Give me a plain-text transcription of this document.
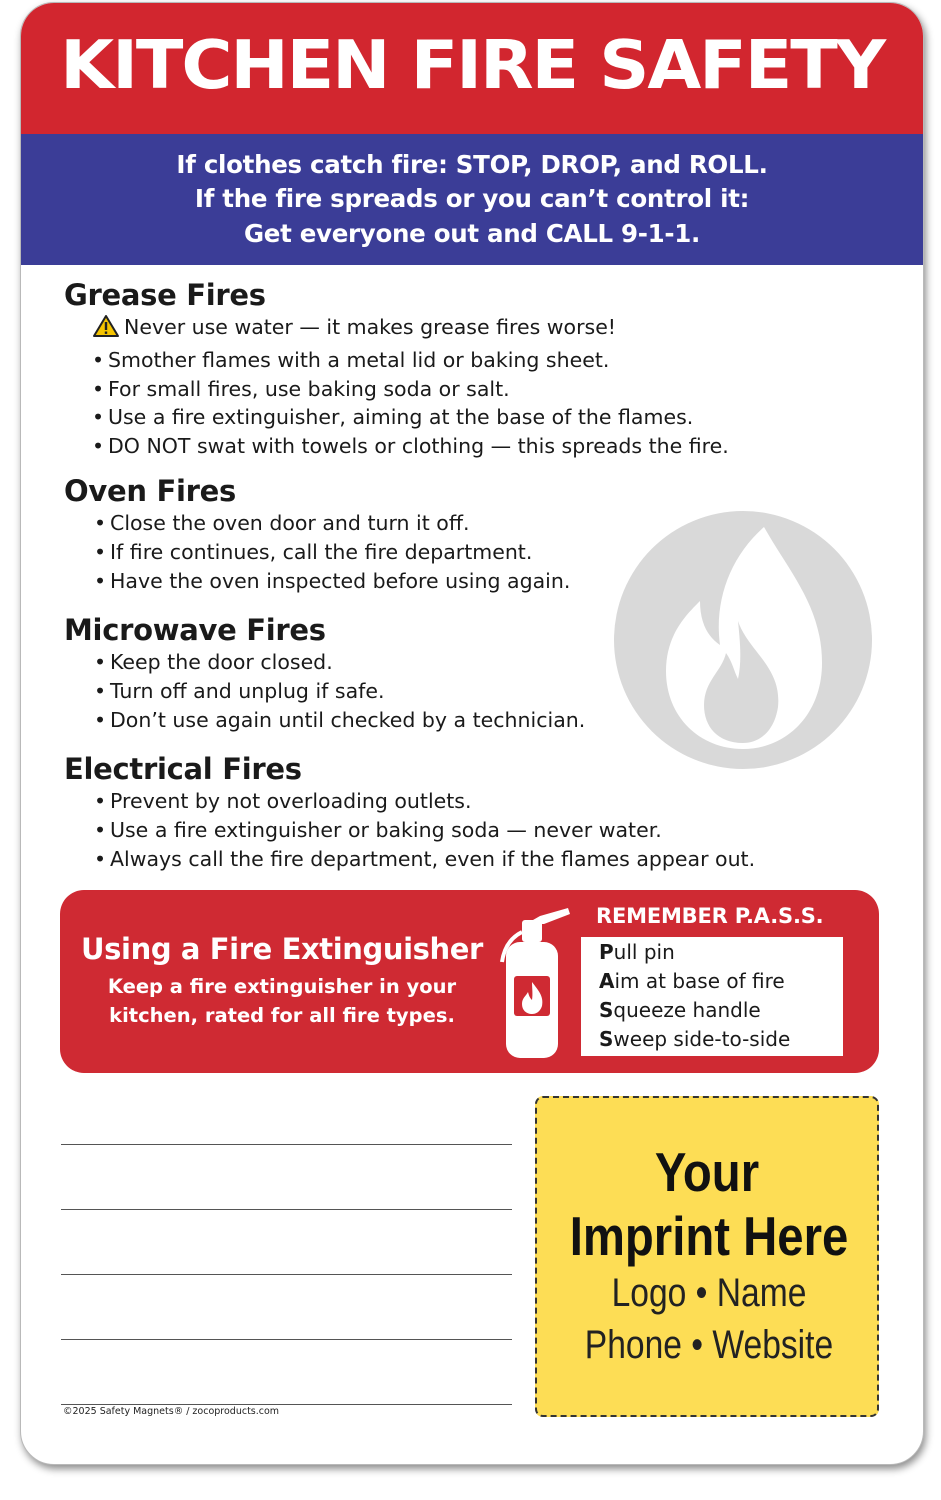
KITCHEN FIRE SAFETY
If clothes catch fire: STOP, DROP, and ROLL.
If the fire spreads or you can’t control it:
Get everyone out and CALL 9-1-1.
Grease Fires
Never use water — it makes grease fires worse!
• Smother flames with a metal lid or baking sheet.
• For small fires, use baking soda or salt.
• Use a fire extinguisher, aiming at the base of the flames.
• DO NOT swat with towels or clothing — this spreads the fire.
Oven Fires
• Close the oven door and turn it off.
• If fire continues, call the fire department.
• Have the oven inspected before using again.
Microwave Fires
• Keep the door closed.
• Turn off and unplug if safe.
• Don’t use again until checked by a technician.
Electrical Fires
• Prevent by not overloading outlets.
• Use a fire extinguisher or baking soda — never water.
• Always call the fire department, even if the flames appear out.
Using a Fire Extinguisher
Keep a fire extinguisher in your
kitchen, rated for all fire types.
REMEMBER P.A.S.S.
Pull pin
Aim at base of fire
Squeeze handle
Sweep side-to-side
©2025 Safety Magnets® / zocoproducts.com
Your
Imprint Here
Logo • Name
Phone • Website
